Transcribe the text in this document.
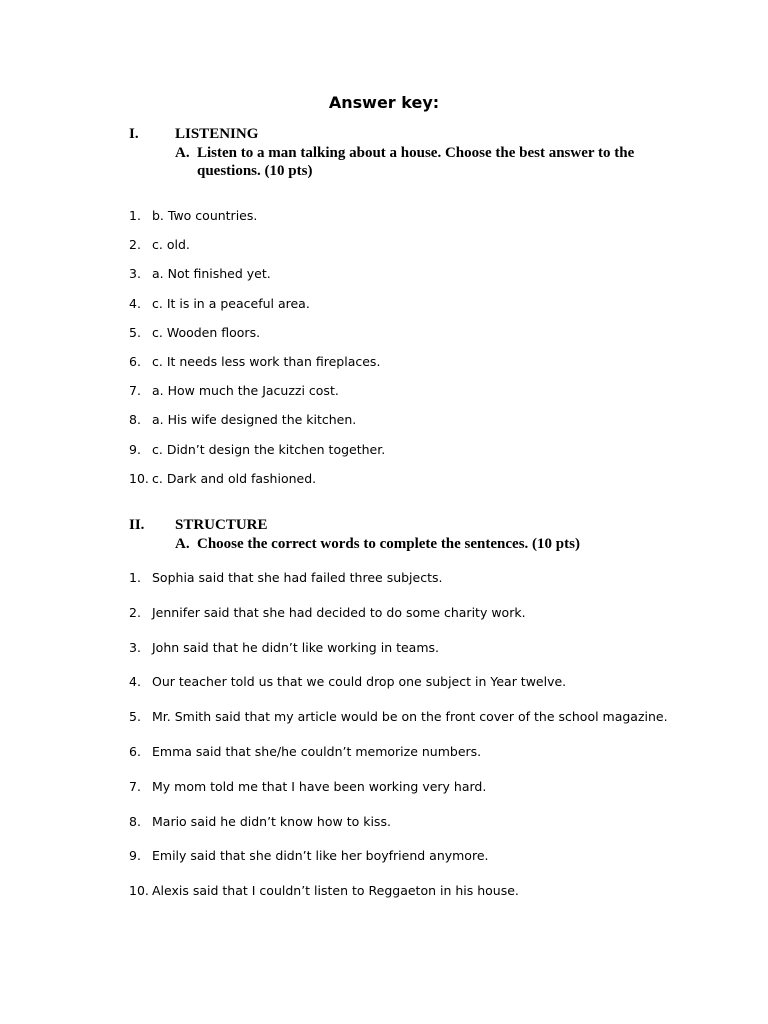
Answer key:
I. LISTENING
A. Listen to a man talking about a house. Choose the best answer to the questions. (10 pts)
1. b. Two countries.
2. c. old.
3. a. Not finished yet.
4. c. It is in a peaceful area.
5. c. Wooden floors.
6. c. It needs less work than fireplaces.
7. a. How much the Jacuzzi cost.
8. a. His wife designed the kitchen.
9. c. Didn’t design the kitchen together.
10. c. Dark and old fashioned.
II. STRUCTURE
A. Choose the correct words to complete the sentences. (10 pts)
1. Sophia said that she had failed three subjects.
2. Jennifer said that she had decided to do some charity work.
3. John said that he didn’t like working in teams.
4. Our teacher told us that we could drop one subject in Year twelve.
5. Mr. Smith said that my article would be on the front cover of the school magazine.
6. Emma said that she/he couldn’t memorize numbers.
7. My mom told me that I have been working very hard.
8. Mario said he didn’t know how to kiss.
9. Emily said that she didn’t like her boyfriend anymore.
10. Alexis said that I couldn’t listen to Reggaeton in his house.
